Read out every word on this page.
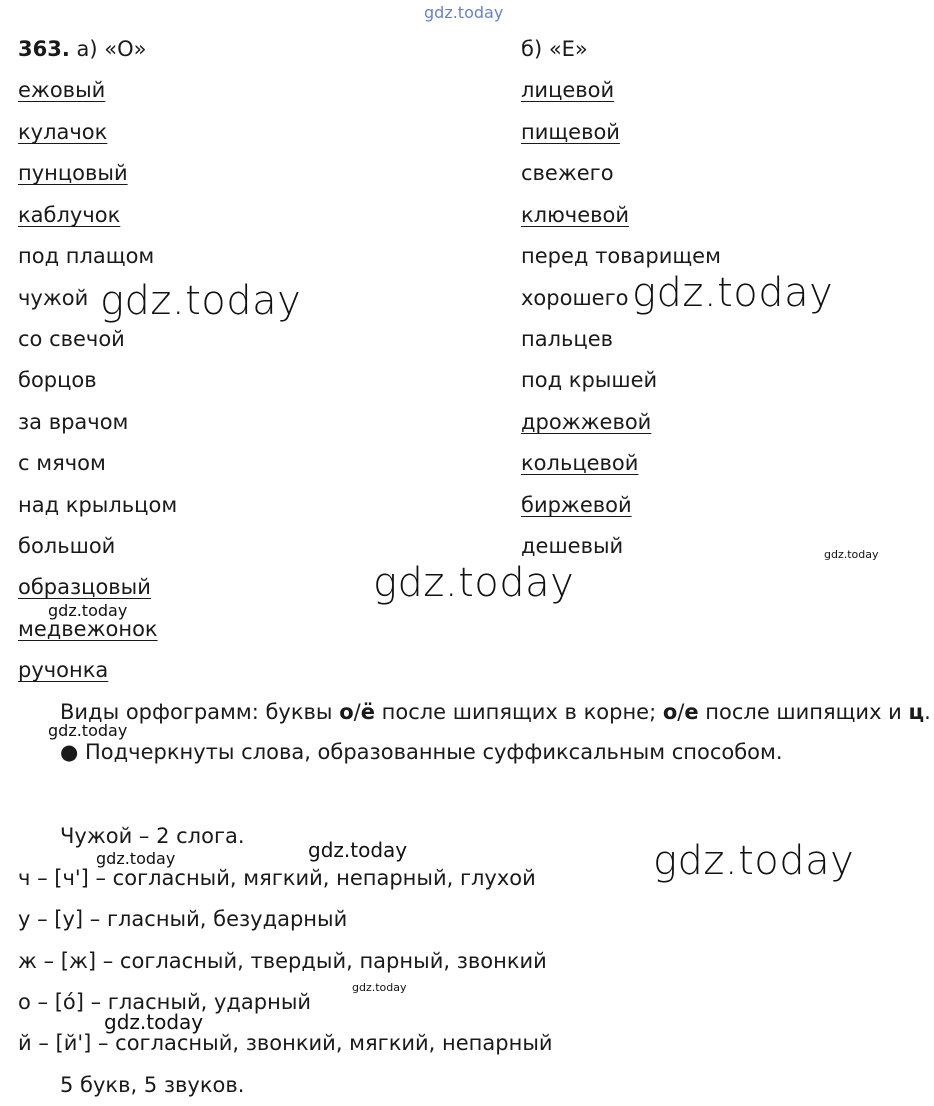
gdz.today
gdz.today	gdz.today
gdz.today
gdz.today
gdz.today
gdz.today
gdz.today
gdz.today
gdz.today
gdz.today
gdz.today
363. а) «О»	б) «Е»
ежовый
кулачок
пунцовый
каблучок
под плащом
чужой
со свечой
борцов
за врачом
с мячом
над крыльцом
большой
образцовый
медвежонок
ручонка
лицевой
пищевой
свежего
ключевой
перед товарищем
хорошего
пальцев
под крышей
дрожжевой
кольцевой
биржевой
дешевый
Виды орфограмм: буквы о/ё после шипящих в корне; о/е после шипящих и ц.
● Подчеркнуты слова, образованные суффиксальным способом.
Чужой – 2 слога.
ч – [ч'] – согласный, мягкий, непарный, глухой
у – [у] – гласный, безударный
ж – [ж] – согласный, твердый, парный, звонкий
о – [о́] – гласный, ударный
й – [й'] – согласный, звонкий, мягкий, непарный
5 букв, 5 звуков.
